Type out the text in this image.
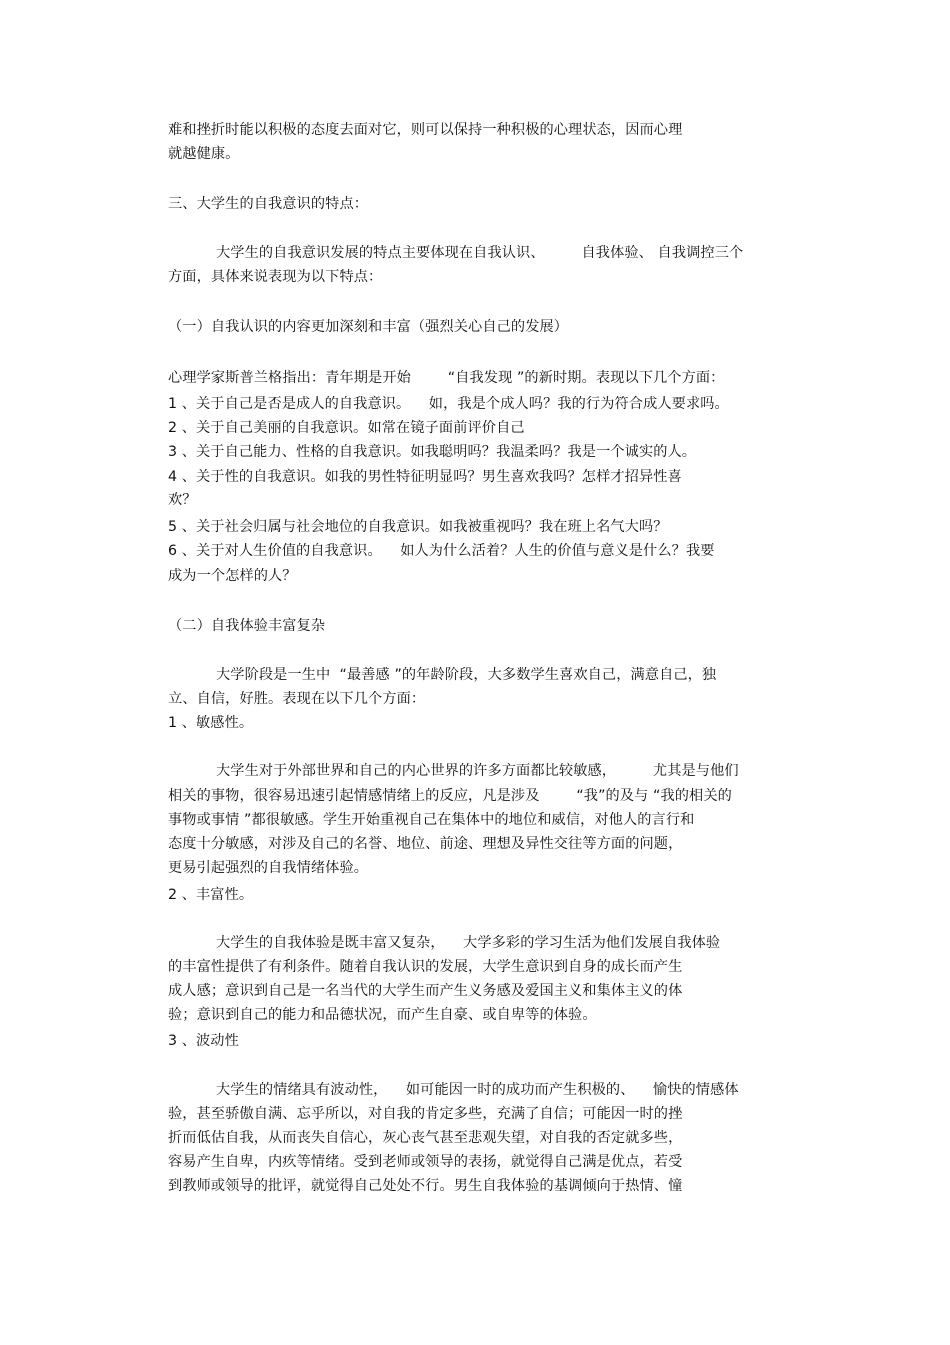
难和挫折时能以积极的态度去面对它，则可以保持一种积极的心理状态，因而心理
就越健康。
三、大学生的自我意识的特点：
大学生的自我意识发展的特点主要体现在自我认识、        自我体验、 自我调控三个
方面，具体来说表现为以下特点：
（一）自我认识的内容更加深刻和丰富（强烈关心自己的发展）
心理学家斯普兰格指出：青年期是开始        “自我发现 ”的新时期。表现以下几个方面：
1 、关于自己是否是成人的自我意识。    如，我是个成人吗？我的行为符合成人要求吗。
2 、关于自己美丽的自我意识。如常在镜子面前评价自己
3 、关于自己能力、性格的自我意识。如我聪明吗？我温柔吗？我是一个诚实的人。
4 、关于性的自我意识。如我的男性特征明显吗？男生喜欢我吗？怎样才招异性喜
欢？
5 、关于社会归属与社会地位的自我意识。如我被重视吗？我在班上名气大吗？
6 、关于对人生价值的自我意识。    如人为什么活着？人生的价值与意义是什么？我要
成为一个怎样的人？
（二）自我体验丰富复杂
大学阶段是一生中  “最善感 ”的年龄阶段，大多数学生喜欢自己，满意自己，独
立、自信，好胜。表现在以下几个方面：
1 、敏感性。
大学生对于外部世界和自己的内心世界的许多方面都比较敏感，        尤其是与他们
相关的事物，很容易迅速引起情感情绪上的反应，凡是涉及        “我”的及与 “我的相关的
事物或事情 ”都很敏感。学生开始重视自己在集体中的地位和威信，对他人的言行和
态度十分敏感，对涉及自己的名誉、地位、前途、理想及异性交往等方面的问题，
更易引起强烈的自我情绪体验。
2 、丰富性。
大学生的自我体验是既丰富又复杂，    大学多彩的学习生活为他们发展自我体验
的丰富性提供了有利条件。随着自我认识的发展，大学生意识到自身的成长而产生
成人感；意识到自己是一名当代的大学生而产生义务感及爱国主义和集体主义的体
验；意识到自己的能力和品德状况，而产生自豪、或自卑等的体验。
3 、波动性
大学生的情绪具有波动性，    如可能因一时的成功而产生积极的、    愉快的情感体
验，甚至骄傲自满、忘乎所以，对自我的肯定多些，充满了自信；可能因一时的挫
折而低估自我，从而丧失自信心，灰心丧气甚至悲观失望，对自我的否定就多些，
容易产生自卑，内疚等情绪。受到老师或领导的表扬，就觉得自己满是优点，若受
到教师或领导的批评，就觉得自己处处不行。男生自我体验的基调倾向于热情、憧
